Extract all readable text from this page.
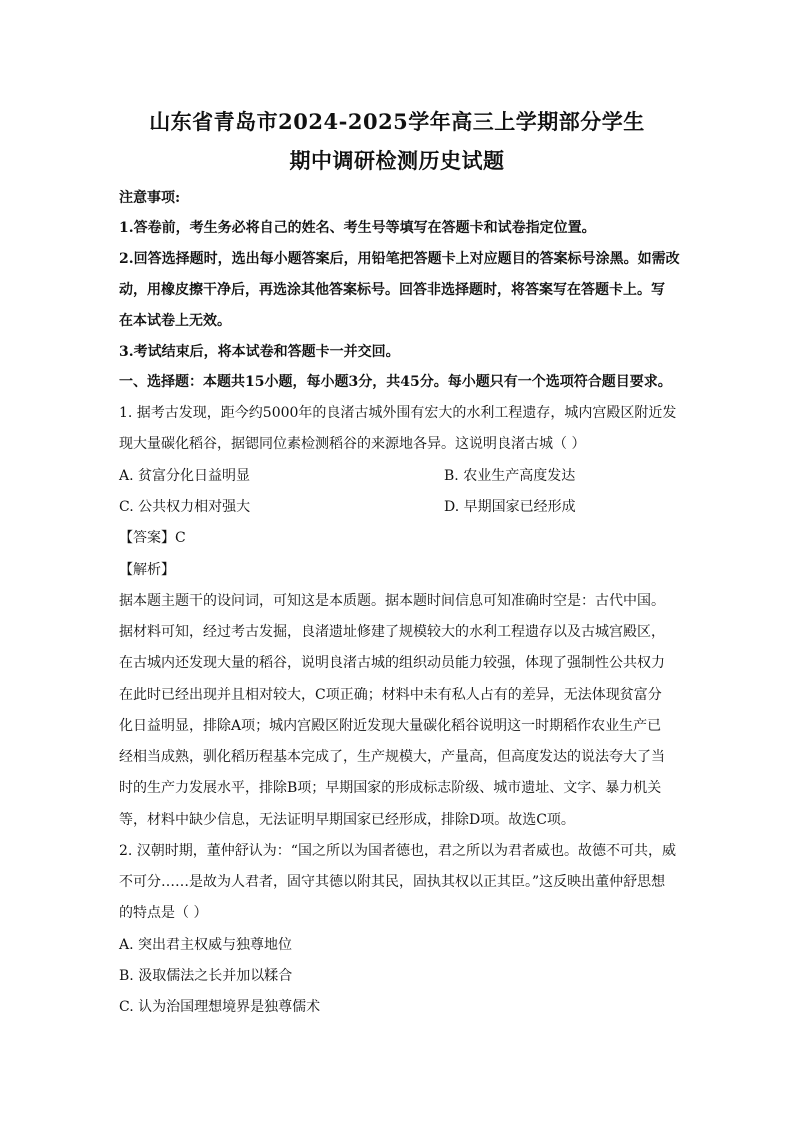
山东省青岛市2024-2025学年高三上学期部分学生
期中调研检测历史试题
注意事项:
1.答卷前，考生务必将自己的姓名、考生号等填写在答题卡和试卷指定位置。
2.回答选择题时，选出每小题答案后，用铅笔把答题卡上对应题目的答案标号涂黑。如需改
动，用橡皮擦干净后，再选涂其他答案标号。回答非选择题时，将答案写在答题卡上。写
在本试卷上无效。
3.考试结束后，将本试卷和答题卡一并交回。
一、选择题：本题共15小题，每小题3分，共45分。每小题只有一个选项符合题目要求。
1. 据考古发现，距今约5000年的良渚古城外围有宏大的水利工程遗存，城内宫殿区附近发
现大量碳化稻谷，据锶同位素检测稻谷的来源地各异。这说明良渚古城（ ）
A. 贫富分化日益明显	B. 农业生产高度发达
C. 公共权力相对强大	D. 早期国家已经形成
【答案】C
【解析】
据本题主题干的设问词，可知这是本质题。据本题时间信息可知准确时空是：古代中国。
据材料可知，经过考古发掘，良渚遗址修建了规模较大的水利工程遗存以及古城宫殿区，
在古城内还发现大量的稻谷，说明良渚古城的组织动员能力较强，体现了强制性公共权力
在此时已经出现并且相对较大，C项正确；材料中未有私人占有的差异，无法体现贫富分
化日益明显，排除A项；城内宫殿区附近发现大量碳化稻谷说明这一时期稻作农业生产已
经相当成熟，驯化稻历程基本完成了，生产规模大，产量高，但高度发达的说法夸大了当
时的生产力发展水平，排除B项；早期国家的形成标志阶级、城市遗址、文字、暴力机关
等，材料中缺少信息，无法证明早期国家已经形成，排除D项。故选C项。
2. 汉朝时期，董仲舒认为：“国之所以为国者德也，君之所以为君者威也。故德不可共，威
不可分……是故为人君者，固守其德以附其民，固执其权以正其臣。”这反映出董仲舒思想
的特点是（ ）
A. 突出君主权威与独尊地位
B. 汲取儒法之长并加以糅合
C. 认为治国理想境界是独尊儒术
